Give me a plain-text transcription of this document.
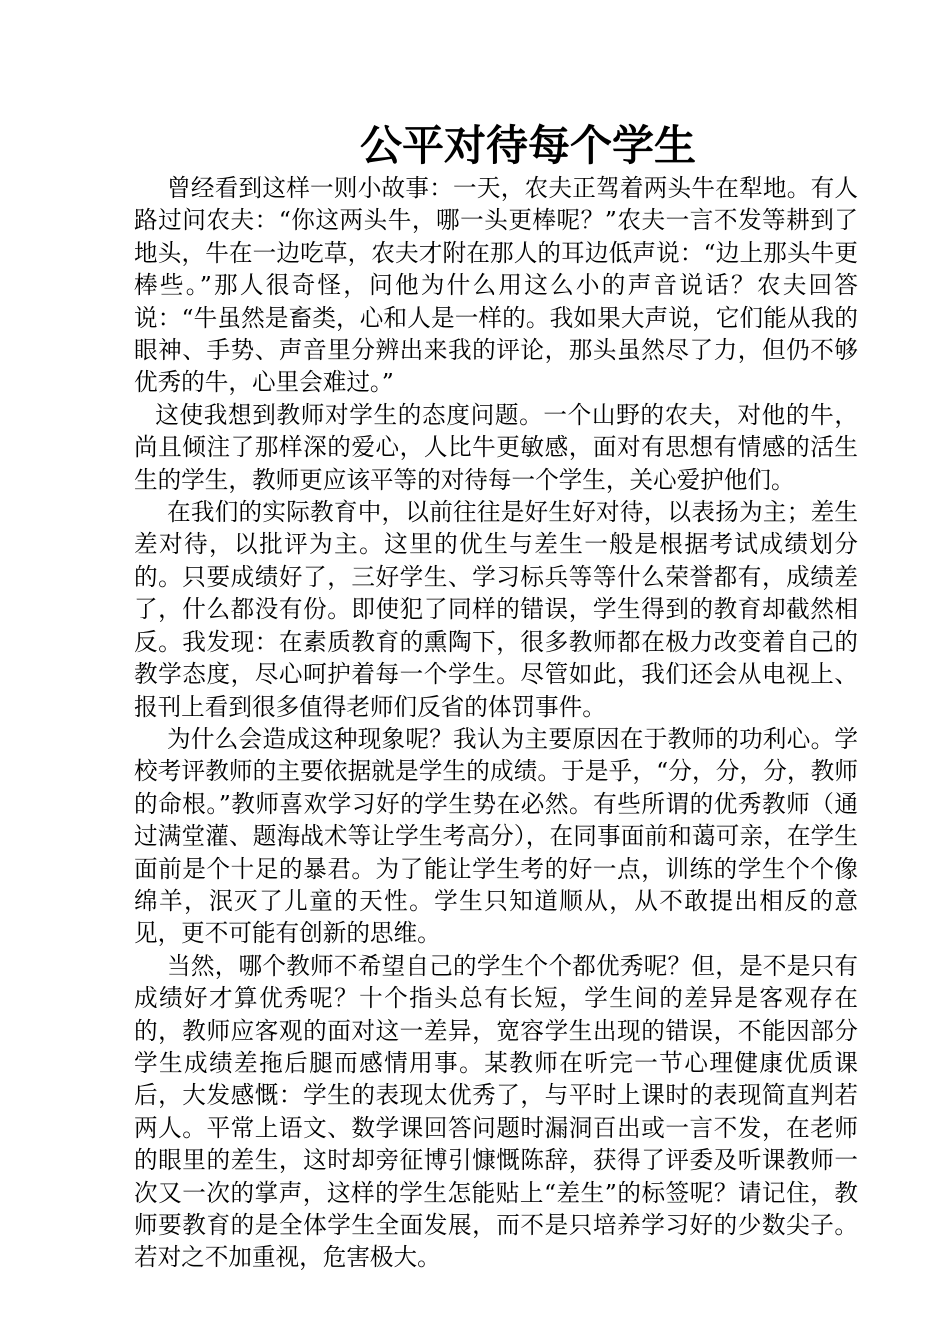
公平对待每个学生

曾经看到这样一则小故事：一天，农夫正驾着两头牛在犁地。有人路过问农夫：“你这两头牛，哪一头更棒呢？”农夫一言不发等耕到了地头，牛在一边吃草，农夫才附在那人的耳边低声说：“边上那头牛更棒些。”那人很奇怪，问他为什么用这么小的声音说话？农夫回答说：“牛虽然是畜类，心和人是一样的。我如果大声说，它们能从我的眼神、手势、声音里分辨出来我的评论，那头虽然尽了力，但仍不够优秀的牛，心里会难过。”

这使我想到教师对学生的态度问题。一个山野的农夫，对他的牛，尚且倾注了那样深的爱心，人比牛更敏感，面对有思想有情感的活生生的学生，教师更应该平等的对待每一个学生，关心爱护他们。

在我们的实际教育中，以前往往是好生好对待，以表扬为主；差生差对待，以批评为主。这里的优生与差生一般是根据考试成绩划分的。只要成绩好了，三好学生、学习标兵等等什么荣誉都有，成绩差了，什么都没有份。即使犯了同样的错误，学生得到的教育却截然相反。我发现：在素质教育的熏陶下，很多教师都在极力改变着自己的教学态度，尽心呵护着每一个学生。尽管如此，我们还会从电视上、报刊上看到很多值得老师们反省的体罚事件。

为什么会造成这种现象呢？我认为主要原因在于教师的功利心。学校考评教师的主要依据就是学生的成绩。于是乎，“分，分，分，教师的命根。”教师喜欢学习好的学生势在必然。有些所谓的优秀教师（通过满堂灌、题海战术等让学生考高分），在同事面前和蔼可亲，在学生面前是个十足的暴君。为了能让学生考的好一点，训练的学生个个像绵羊，泯灭了儿童的天性。学生只知道顺从，从不敢提出相反的意见，更不可能有创新的思维。

当然，哪个教师不希望自己的学生个个都优秀呢？但，是不是只有成绩好才算优秀呢？十个指头总有长短，学生间的差异是客观存在的，教师应客观的面对这一差异，宽容学生出现的错误，不能因部分学生成绩差拖后腿而感情用事。某教师在听完一节心理健康优质课后，大发感慨：学生的表现太优秀了，与平时上课时的表现简直判若两人。平常上语文、数学课回答问题时漏洞百出或一言不发，在老师的眼里的差生，这时却旁征博引慷慨陈辞，获得了评委及听课教师一次又一次的掌声，这样的学生怎能贴上“差生”的标签呢？请记住，教师要教育的是全体学生全面发展，而不是只培养学习好的少数尖子。若对之不加重视，危害极大。
